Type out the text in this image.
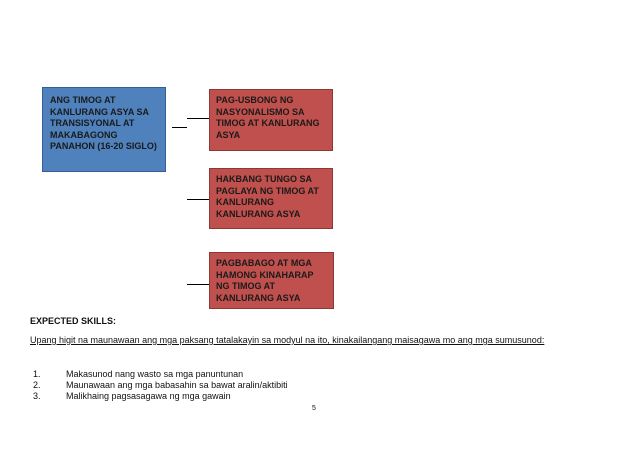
ANG TIMOG AT
KANLURANG ASYA SA
TRANSISYONAL AT
MAKABAGONG
PANAHON (16-20 SIGLO)
PAG-USBONG NG
NASYONALISMO SA
TIMOG AT KANLURANG
ASYA
HAKBANG TUNGO SA
PAGLAYA NG TIMOG AT
KANLURANG
KANLURANG ASYA
PAGBABAGO AT MGA
HAMONG KINAHARAP
NG TIMOG AT
KANLURANG ASYA
EXPECTED SKILLS:
Upang higit na maunawaan ang mga paksang tatalakayin sa modyul na ito, kinakailangang maisagawa mo ang mga sumusunod:
1.	Makasunod nang wasto sa mga panuntunan
2.	Maunawaan ang mga babasahin sa bawat aralin/aktibiti
3.	Malikhaing pagsasagawa ng mga gawain
5
